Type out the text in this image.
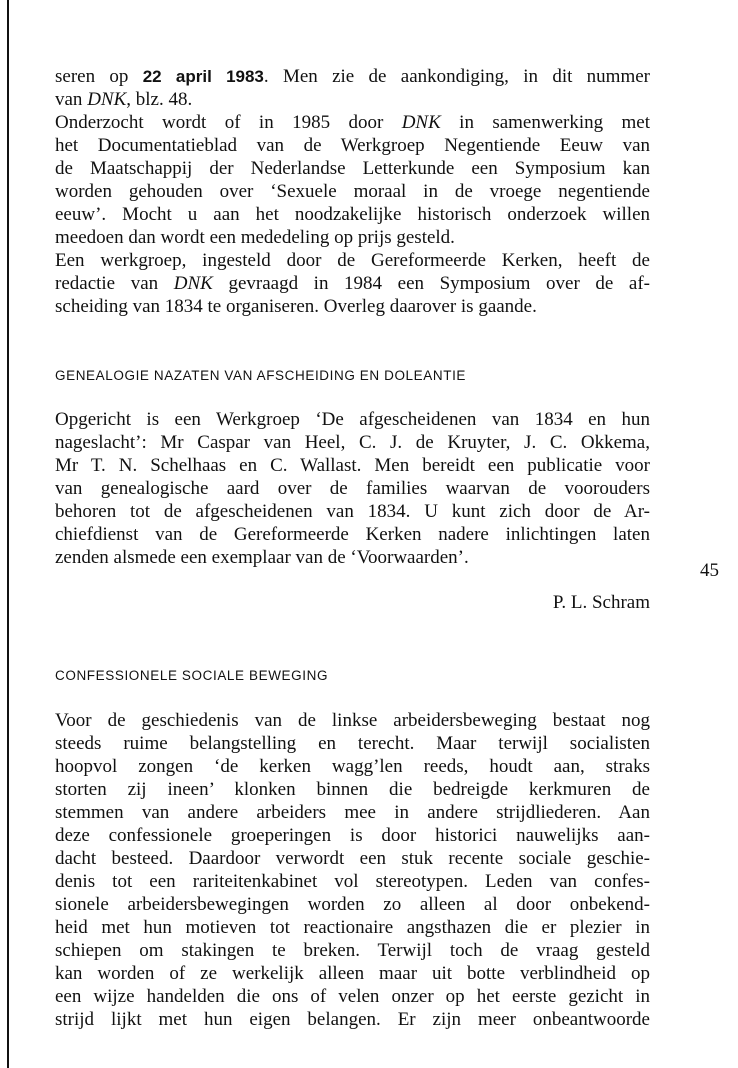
seren op 22 april 1983. Men zie de aankondiging, in dit nummer
van DNK, blz. 48.
Onderzocht wordt of in 1985 door DNK in samenwerking met
het Documentatieblad van de Werkgroep Negentiende Eeuw van
de Maatschappij der Nederlandse Letterkunde een Symposium kan
worden gehouden over ‘Sexuele moraal in de vroege negentiende
eeuw’. Mocht u aan het noodzakelijke historisch onderzoek willen
meedoen dan wordt een mededeling op prijs gesteld.
Een werkgroep, ingesteld door de Gereformeerde Kerken, heeft de
redactie van DNK gevraagd in 1984 een Symposium over de af-
scheiding van 1834 te organiseren. Overleg daarover is gaande.
GENEALOGIE NAZATEN VAN AFSCHEIDING EN DOLEANTIE
Opgericht is een Werkgroep ‘De afgescheidenen van 1834 en hun
nageslacht’: Mr Caspar van Heel, C. J. de Kruyter, J. C. Okkema,
Mr T. N. Schelhaas en C. Wallast. Men bereidt een publicatie voor
van genealogische aard over de families waarvan de voorouders
behoren tot de afgescheidenen van 1834. U kunt zich door de Ar-
chiefdienst van de Gereformeerde Kerken nadere inlichtingen laten
zenden alsmede een exemplaar van de ‘Voorwaarden’.
45
P. L. Schram
CONFESSIONELE SOCIALE BEWEGING
Voor de geschiedenis van de linkse arbeidersbeweging bestaat nog
steeds ruime belangstelling en terecht. Maar terwijl socialisten
hoopvol zongen ‘de kerken wagg’len reeds, houdt aan, straks
storten zij ineen’ klonken binnen die bedreigde kerkmuren de
stemmen van andere arbeiders mee in andere strijdliederen. Aan
deze confessionele groeperingen is door historici nauwelijks aan-
dacht besteed. Daardoor verwordt een stuk recente sociale geschie-
denis tot een rariteitenkabinet vol stereotypen. Leden van confes-
sionele arbeidersbewegingen worden zo alleen al door onbekend-
heid met hun motieven tot reactionaire angsthazen die er plezier in
schiepen om stakingen te breken. Terwijl toch de vraag gesteld
kan worden of ze werkelijk alleen maar uit botte verblindheid op
een wijze handelden die ons of velen onzer op het eerste gezicht in
strijd lijkt met hun eigen belangen. Er zijn meer onbeantwoorde
